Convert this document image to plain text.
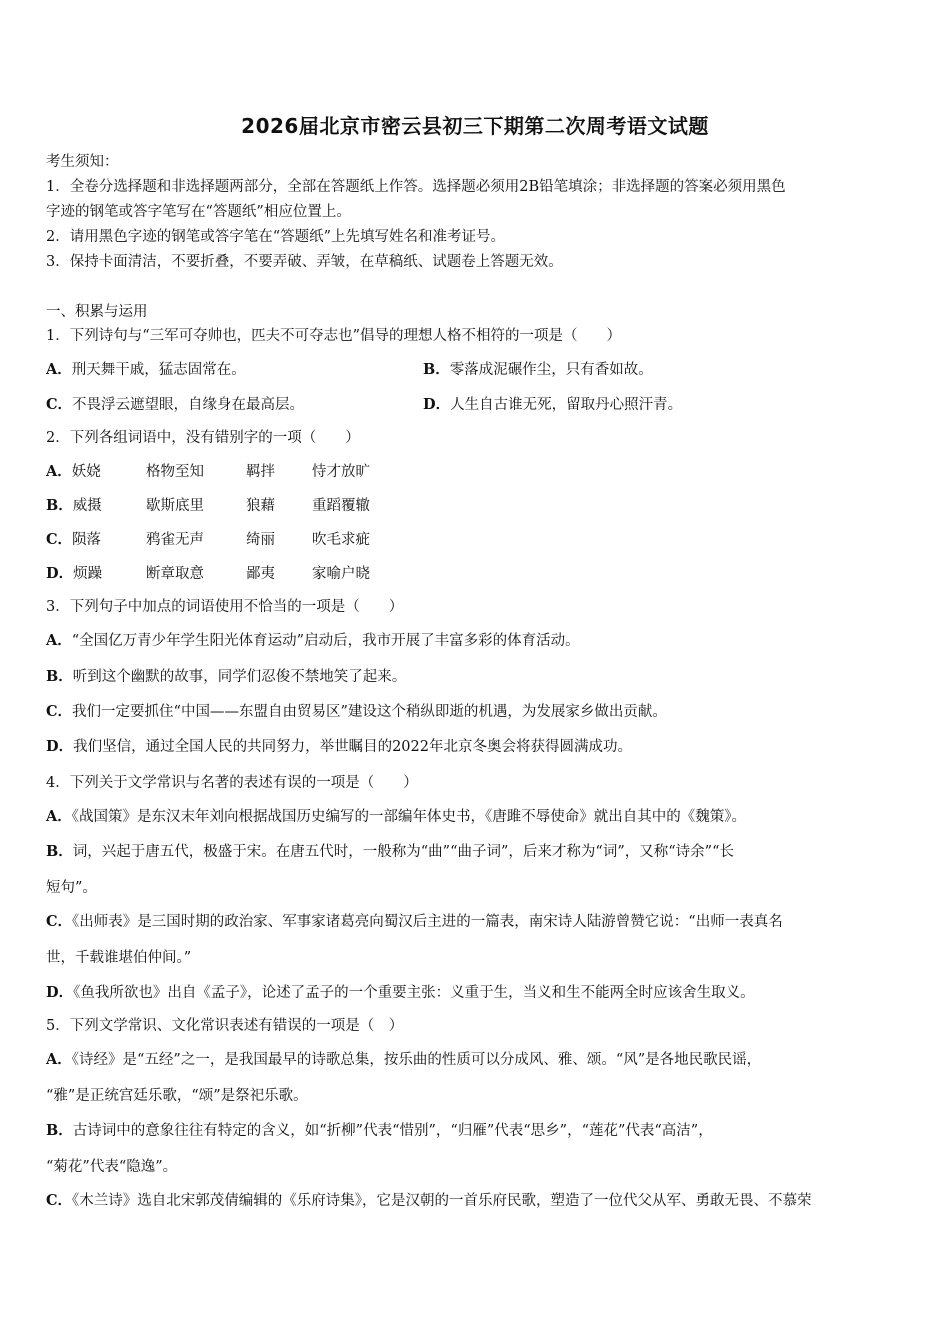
2026届北京市密云县初三下期第二次周考语文试题
考生须知：
1．全卷分选择题和非选择题两部分，全部在答题纸上作答。选择题必须用2B铅笔填涂；非选择题的答案必须用黑色
字迹的钢笔或答字笔写在“答题纸”相应位置上。
2．请用黑色字迹的钢笔或答字笔在“答题纸”上先填写姓名和准考证号。
3．保持卡面清洁，不要折叠，不要弄破、弄皱，在草稿纸、试题卷上答题无效。
一、积累与运用
1．下列诗句与“三军可夺帅也，匹夫不可夺志也”倡导的理想人格不相符的一项是（　　）
A．刑天舞干戚，猛志固常在。	B．零落成泥碾作尘，只有香如故。
C．不畏浮云遮望眼，自缘身在最高层。	D．人生自古谁无死，留取丹心照汗青。
2．下列各组词语中，没有错别字的一项（　　）
A．妖娆	格物至知	羁拌	恃才放旷
B．威摄	歇斯底里	狼藉	重蹈覆辙
C．陨落	鸦雀无声	绮丽	吹毛求疵
D．烦躁	断章取意	鄙夷	家喻户晓
3．下列句子中加点的词语使用不恰当的一项是（　　）
A．“全国亿万青少年学生阳光体育运动”启动后，我市开展了丰富多彩的体育活动。
B．听到这个幽默的故事，同学们忍俊不禁地笑了起来。
C．我们一定要抓住“中国——东盟自由贸易区”建设这个稍纵即逝的机遇，为发展家乡做出贡献。
D．我们坚信，通过全国人民的共同努力，举世瞩目的2022年北京冬奥会将获得圆满成功。
4．下列关于文学常识与名著的表述有误的一项是（　　）
A．《战国策》是东汉末年刘向根据战国历史编写的一部编年体史书，《唐雎不辱使命》就出自其中的《魏策》。
B．词，兴起于唐五代，极盛于宋。在唐五代时，一般称为“曲”“曲子词”，后来才称为“词”，又称“诗余”“长
短句”。
C．《出师表》是三国时期的政治家、军事家诸葛亮向蜀汉后主进的一篇表，南宋诗人陆游曾赞它说：“出师一表真名
世，千载谁堪伯仲间。”
D．《鱼我所欲也》出自《孟子》，论述了孟子的一个重要主张：义重于生，当义和生不能两全时应该舍生取义。
5．下列文学常识、文化常识表述有错误的一项是（　）
A．《诗经》是“五经”之一，是我国最早的诗歌总集，按乐曲的性质可以分成风、雅、颂。“风”是各地民歌民谣，
“雅”是正统宫廷乐歌，“颂”是祭祀乐歌。
B．古诗词中的意象往往有特定的含义，如“折柳”代表“惜别”，“归雁”代表“思乡”，“莲花”代表“高洁”，
“菊花”代表“隐逸”。
C．《木兰诗》选自北宋郭茂倩编辑的《乐府诗集》，它是汉朝的一首乐府民歌，塑造了一位代父从军、勇敢无畏、不慕荣
